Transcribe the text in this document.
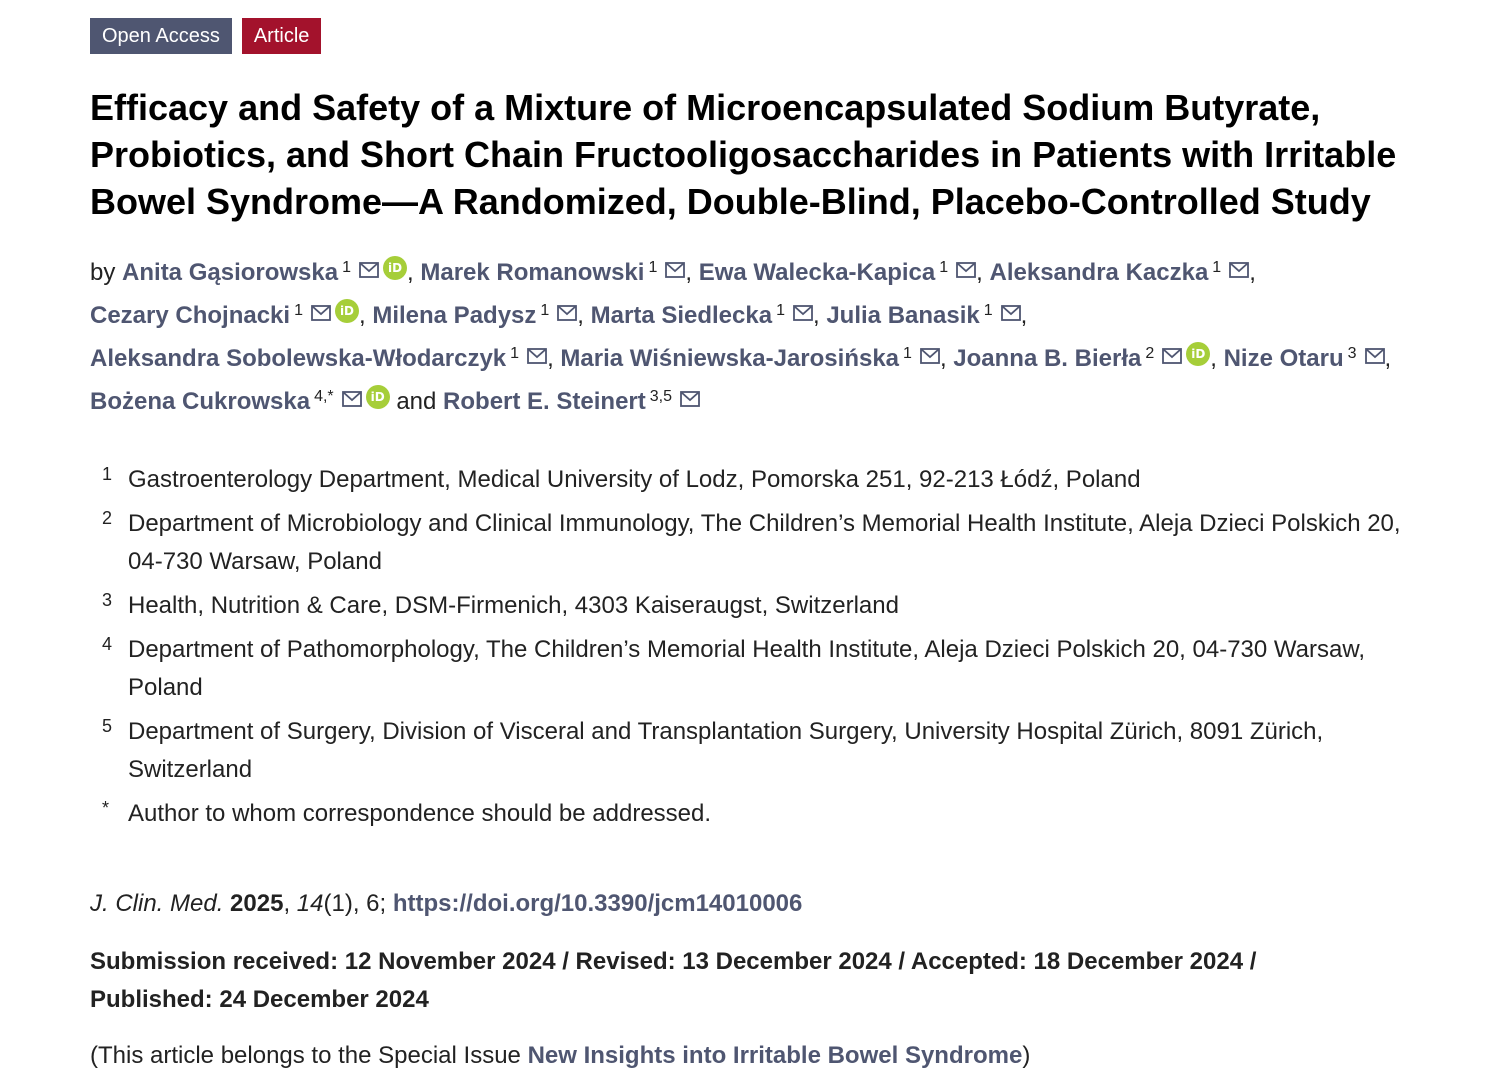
Open Access	Article
Efficacy and Safety of a Mixture of Microencapsulated Sodium Butyrate, Probiotics, and Short Chain Fructooligosaccharides in Patients with Irritable Bowel Syndrome—A Randomized, Double-Blind, Placebo-Controlled Study
by Anita Gąsiorowska $^1$	iD , Marek Romanowski $^1$ , Ewa Walecka-Kapica $^1$ , Aleksandra Kaczka $^1$ , Cezary Chojnacki $^1$	iD , Milena Padysz $^1$ , Marta Siedlecka $^1$ , Julia Banasik $^1$ , Aleksandra Sobolewska-Włodarczyk $^1$ , Maria Wiśniewska-Jarosińska $^1$ , Joanna B. Bierła $^2$	iD , Nize Otaru $^3$ , Bożena Cukrowska $^{4,*}$	iD and Robert E. Steinert $^{3,5}$
1 Gastroenterology Department, Medical University of Lodz, Pomorska 251, 92-213 Łódź, Poland
2 Department of Microbiology and Clinical Immunology, The Children’s Memorial Health Institute, Aleja Dzieci Polskich 20, 04-730 Warsaw, Poland
3 Health, Nutrition & Care, DSM-Firmenich, 4303 Kaiseraugst, Switzerland
4 Department of Pathomorphology, The Children’s Memorial Health Institute, Aleja Dzieci Polskich 20, 04-730 Warsaw, Poland
5 Department of Surgery, Division of Visceral and Transplantation Surgery, University Hospital Zürich, 8091 Zürich, Switzerland
* Author to whom correspondence should be addressed.
J. Clin. Med. 2025, 14(1), 6; https://doi.org/10.3390/jcm14010006
Submission received: 12 November 2024 / Revised: 13 December 2024 / Accepted: 18 December 2024 / Published: 24 December 2024
(This article belongs to the Special Issue New Insights into Irritable Bowel Syndrome)
